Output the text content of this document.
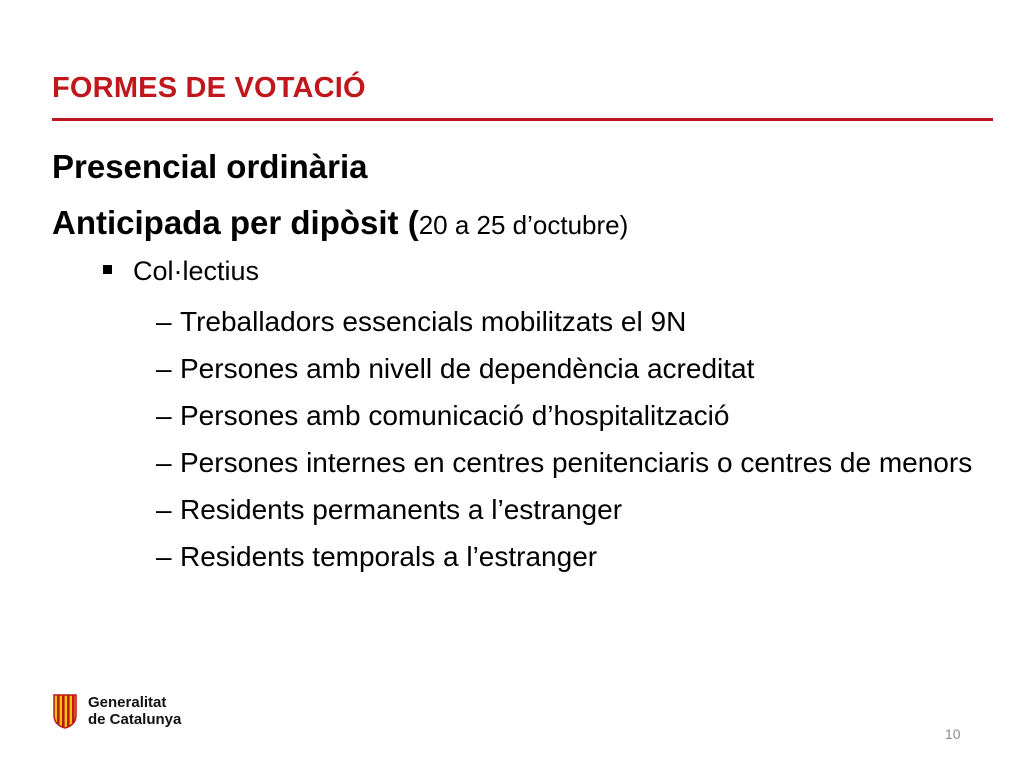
FORMES DE VOTACIÓ
Presencial ordinària
Anticipada per dipòsit (20 a 25 d’octubre)
Col·lectius
– Treballadors essencials mobilitzats el 9N
– Persones amb nivell de dependència acreditat
– Persones amb comunicació d’hospitalització
– Persones internes en centres penitenciaris o centres de menors
– Residents permanents a l’estranger
– Residents temporals a l’estranger
Generalitat
de Catalunya
10
